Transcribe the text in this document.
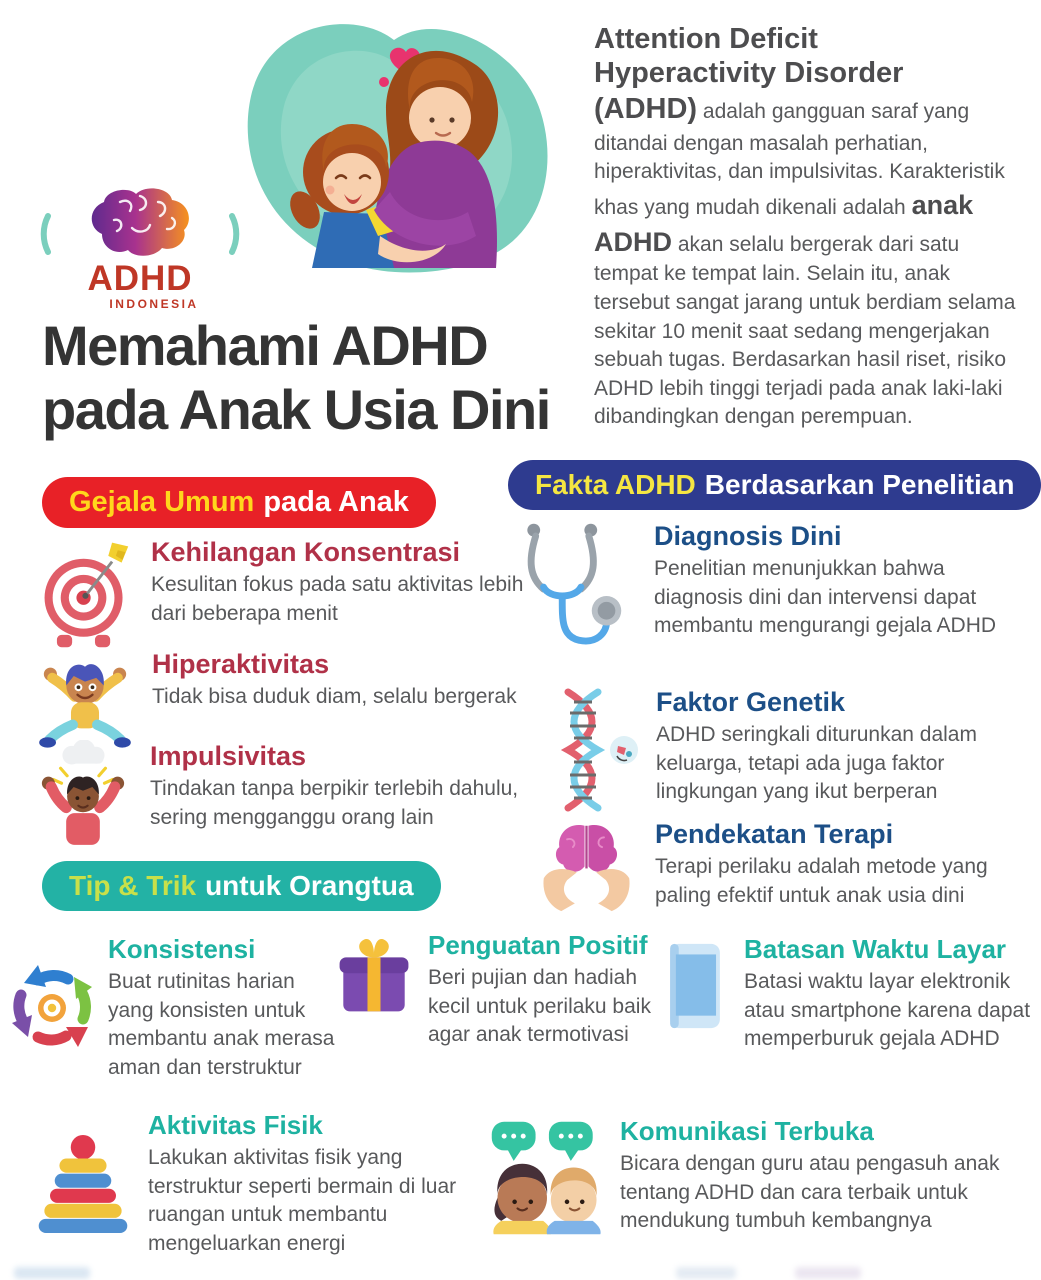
ADHD
INDONESIA

Attention Deficit
Hyperactivity Disorder
(ADHD) adalah gangguan saraf yang ditandai dengan masalah perhatian, hiperaktivitas, dan impulsivitas. Karakteristik khas yang mudah dikenali adalah anak ADHD akan selalu bergerak dari satu tempat ke tempat lain. Selain itu, anak tersebut sangat jarang untuk berdiam selama sekitar 10 menit saat sedang mengerjakan sebuah tugas. Berdasarkan hasil riset, risiko ADHD lebih tinggi terjadi pada anak laki-laki dibandingkan dengan perempuan.

Memahami ADHD
pada Anak Usia Dini
Gejala Umum pada Anak
Kehilangan Konsentrasi
Kesulitan fokus pada satu aktivitas lebih dari beberapa menit
Hiperaktivitas
Tidak bisa duduk diam, selalu bergerak
Impulsivitas
Tindakan tanpa berpikir terlebih dahulu, sering mengganggu orang lain
Tip & Trik untuk Orangtua
Fakta ADHD Berdasarkan Penelitian
Diagnosis Dini
Penelitian menunjukkan bahwa diagnosis dini dan intervensi dapat membantu mengurangi gejala ADHD
Faktor Genetik
ADHD seringkali diturunkan dalam keluarga, tetapi ada juga faktor lingkungan yang ikut berperan
Pendekatan Terapi
Terapi perilaku adalah metode yang paling efektif untuk anak usia dini
Konsistensi
Buat rutinitas harian yang konsisten untuk membantu anak merasa aman dan terstruktur
Penguatan Positif
Beri pujian dan hadiah kecil untuk perilaku baik agar anak termotivasi
Batasan Waktu Layar
Batasi waktu layar elektronik atau smartphone karena dapat memperburuk gejala ADHD
Aktivitas Fisik
Lakukan aktivitas fisik yang terstruktur seperti bermain di luar ruangan untuk membantu mengeluarkan energi
Komunikasi Terbuka
Bicara dengan guru atau pengasuh anak tentang ADHD dan cara terbaik untuk mendukung tumbuh kembangnya
